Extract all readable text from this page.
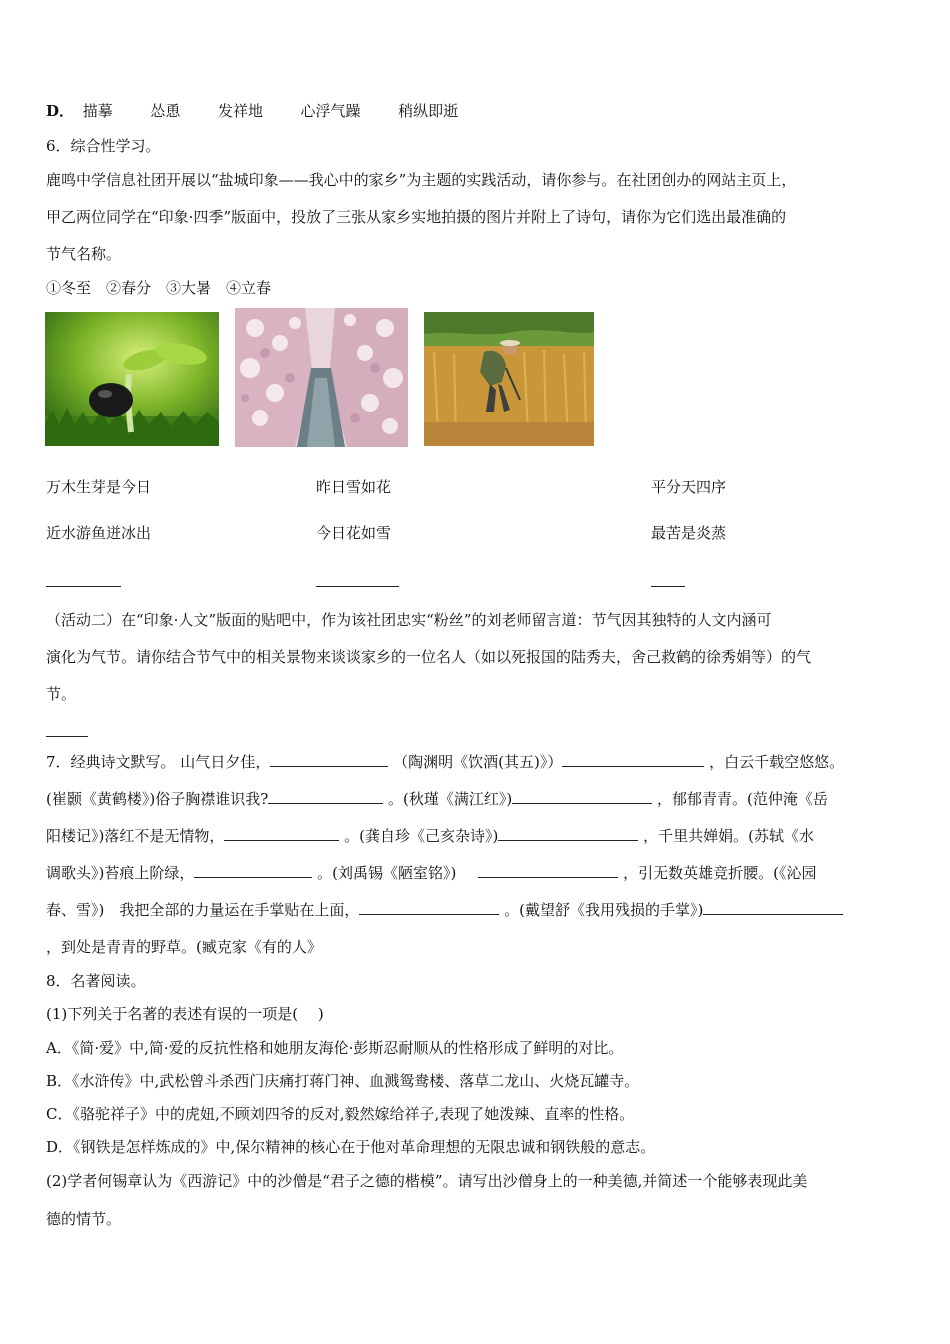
D． 描摹	怂恿	发祥地	心浮气躁	稍纵即逝
6．综合性学习。
鹿鸣中学信息社团开展以“盐城印象——我心中的家乡”为主题的实践活动，请你参与。在社团创办的网站主页上，
甲乙两位同学在“印象·四季”版面中，投放了三张从家乡实地拍摄的图片并附上了诗句，请你为它们选出最准确的
节气名称。
①冬至　②春分　③大暑　④立春
万木生芽是今日	昨日雪如花	平分天四序
近水游鱼迸冰出	今日花如雪	最苦是炎蒸
（活动二）在“印象·人文”版面的贴吧中，作为该社团忠实“粉丝”的刘老师留言道：节气因其独特的人文内涵可
演化为气节。请你结合节气中的相关景物来谈谈家乡的一位名人（如以死报国的陆秀夫，舍己救鹤的徐秀娟等）的气
节。
7．经典诗文默写。 山气日夕佳，	（陶渊明《饮酒(其五)》）	，白云千载空悠悠。
(崔颢《黄鹤楼》)俗子胸襟谁识我?	。(秋瑾《满江红》)	，郁郁青青。(范仲淹《岳
阳楼记》)落红不是无情物，	。(龚自珍《己亥杂诗》)	，千里共婵娟。(苏轼《水
调歌头》)苔痕上阶绿，	。(刘禹锡《陋室铭》)	，引无数英雄竞折腰。(《沁园
春、雪》)　我把全部的力量运在手掌贴在上面，	。(戴望舒《我用残损的手掌》)
，到处是青青的野草。(臧克家《有的人》
8．名著阅读。
(1)下列关于名著的表述有误的一项是(　 )
A．《简·爱》中,简·爱的反抗性格和她朋友海伦·彭斯忍耐顺从的性格形成了鲜明的对比。
B．《水浒传》中,武松曾斗杀西门庆痛打蒋门神、血溅鸳鸯楼、落草二龙山、火烧瓦罐寺。
C．《骆驼祥子》中的虎妞,不顾刘四爷的反对,毅然嫁给祥子,表现了她泼辣、直率的性格。
D．《钢铁是怎样炼成的》中,保尔精神的核心在于他对革命理想的无限忠诚和钢铁般的意志。
(2)学者何锡章认为《西游记》中的沙僧是“君子之德的楷模”。请写出沙僧身上的一种美德,并简述一个能够表现此美
德的情节。
